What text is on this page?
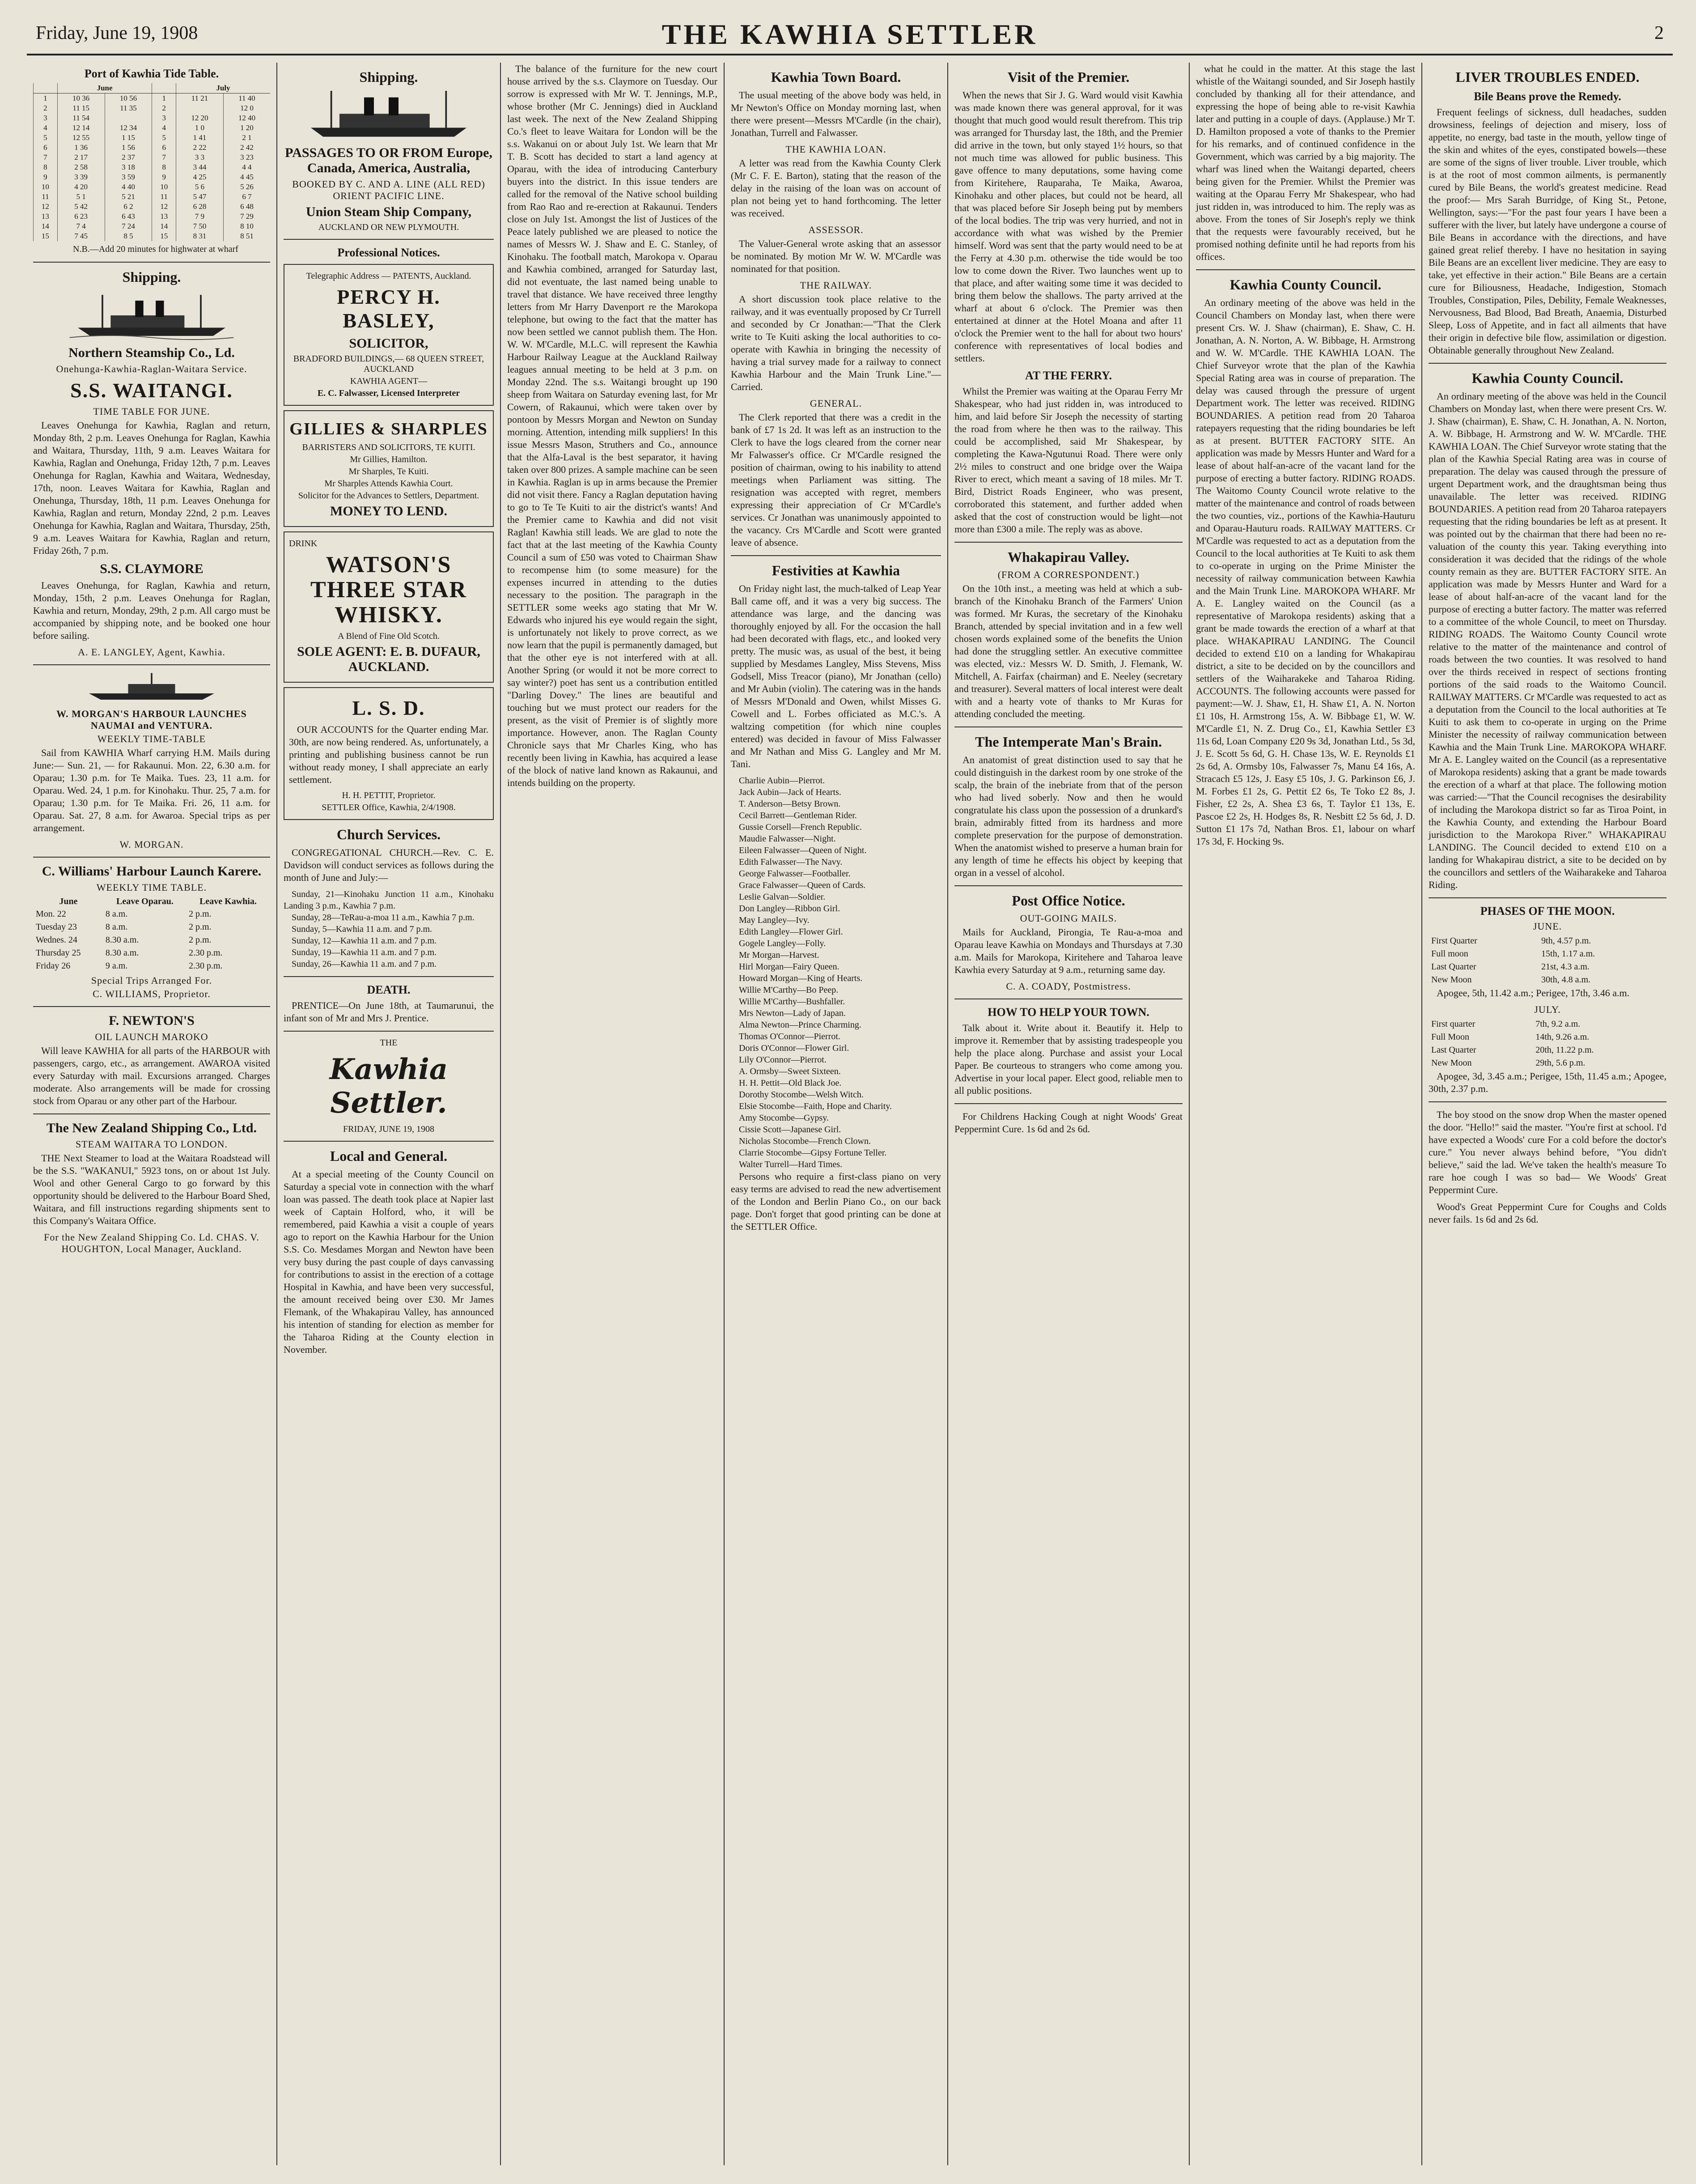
Friday, June 19, 1908	THE KAWHIA SETTLER	2
Port of Kawhia Tide Table.
	June			July	
1	10 36	10 56	1	11 21	11 40
2	11 15	11 35	2		12 0
3	11 54		3	12 20	12 40
4	12 14	12 34	4	1 0	1 20
5	12 55	1 15	5	1 41	2 1
6	1 36	1 56	6	2 22	2 42
7	2 17	2 37	7	3 3	3 23
8	2 58	3 18	8	3 44	4 4
9	3 39	3 59	9	4 25	4 45
10	4 20	4 40	10	5 6	5 26
11	5 1	5 21	11	5 47	6 7
12	5 42	6 2	12	6 28	6 48
13	6 23	6 43	13	7 9	7 29
14	7 4	7 24	14	7 50	8 10
15	7 45	8 5	15	8 31	8 51

N.B.—Add 20 minutes for highwater at wharf

Shipping.
Northern Steamship Co., Ld.
Onehunga-Kawhia-Raglan-Waitara Service.
S.S. WAITANGI.
TIME TABLE FOR JUNE.

Leaves Onehunga for Kawhia, Raglan and return, Monday 8th, 2 p.m. Leaves Onehunga for Raglan, Kawhia and Waitara, Thursday, 11th, 9 a.m. Leaves Waitara for Kawhia, Raglan and Onehunga, Friday 12th, 7 p.m. Leaves Onehunga for Raglan, Kawhia and Waitara, Wednesday, 17th, noon. Leaves Waitara for Kawhia, Raglan and Onehunga, Thursday, 18th, 11 p.m. Leaves Onehunga for Kawhia, Raglan and return, Monday 22nd, 2 p.m. Leaves Onehunga for Kawhia, Raglan and Waitara, Thursday, 25th, 9 a.m. Leaves Waitara for Kawhia, Raglan and return, Friday 26th, 7 p.m.

S.S. CLAYMORE

Leaves Onehunga, for Raglan, Kawhia and return, Monday, 15th, 2 p.m. Leaves Onehunga for Raglan, Kawhia and return, Monday, 29th, 2 p.m. All cargo must be accompanied by shipping note, and be booked one hour before sailing.

A. E. LANGLEY, Agent, Kawhia.
W. MORGAN'S HARBOUR LAUNCHES NAUMAI and VENTURA.
WEEKLY TIME-TABLE

Sail from KAWHIA Wharf carrying H.M. Mails during June:— Sun. 21, — for Rakaunui. Mon. 22, 6.30 a.m. for Oparau; 1.30 p.m. for Te Maika. Tues. 23, 11 a.m. for Oparau. Wed. 24, 1 p.m. for Kinohaku. Thur. 25, 7 a.m. for Oparau; 1.30 p.m. for Te Maika. Fri. 26, 11 a.m. for Oparau. Sat. 27, 8 a.m. for Awaroa. Special trips as per arrangement.

W. MORGAN.
C. Williams' Harbour Launch Karere.
WEEKLY TIME TABLE.
June	Leave Oparau.	Leave Kawhia.
Mon. 22	8 a.m.	2 p.m.
Tuesday 23	8 a.m.	2 p.m.
Wednes. 24	8.30 a.m.	2 p.m.
Thursday 25	8.30 a.m.	2.30 p.m.
Friday 26	9 a.m.	2.30 p.m.
Special Trips Arranged For.
C. WILLIAMS, Proprietor.
F. NEWTON'S
OIL LAUNCH MAROKO

Will leave KAWHIA for all parts of the HARBOUR with passengers, cargo, etc., as arrangement. AWAROA visited every Saturday with mail. Excursions arranged. Charges moderate. Also arrangements will be made for crossing stock from Oparau or any other part of the Harbour.

The New Zealand Shipping Co., Ltd.
STEAM WAITARA TO LONDON.

THE Next Steamer to load at the Waitara Roadstead will be the S.S. "WAKANUI," 5923 tons, on or about 1st July. Wool and other General Cargo to go forward by this opportunity should be delivered to the Harbour Board Shed, Waitara, and fill instructions regarding shipments sent to this Company's Waitara Office.

For the New Zealand Shipping Co. Ld. CHAS. V. HOUGHTON, Local Manager, Auckland.
Shipping.
PASSAGES TO OR FROM Europe, Canada, America, Australia,
BOOKED BY C. AND A. LINE (ALL RED) ORIENT PACIFIC LINE.
Union Steam Ship Company,
AUCKLAND OR NEW PLYMOUTH.
Professional Notices.
Telegraphic Address — PATENTS, Auckland.
PERCY H. BASLEY,
SOLICITOR,
BRADFORD BUILDINGS,— 68 QUEEN STREET, AUCKLAND
KAWHIA AGENT—
E. C. Falwasser, Licensed Interpreter
GILLIES & SHARPLES
BARRISTERS AND SOLICITORS, TE KUITI.
Mr Gillies, Hamilton.
Mr Sharples, Te Kuiti.
Mr Sharples Attends Kawhia Court.
Solicitor for the Advances to Settlers, Department.
MONEY TO LEND.
DRINK
WATSON'S THREE STAR WHISKY.
A Blend of Fine Old Scotch.
SOLE AGENT: E. B. DUFAUR, AUCKLAND.
L. S. D.

OUR ACCOUNTS for the Quarter ending Mar. 30th, are now being rendered. As, unfortunately, a printing and publishing business cannot be run without ready money, I shall appreciate an early settlement.

H. H. PETTIT, Proprietor.
SETTLER Office, Kawhia, 2/4/1908.
Church Services.

CONGREGATIONAL CHURCH.—Rev. C. E. Davidson will conduct services as follows during the month of June and July:—

Sunday, 21—Kinohaku Junction 11 a.m., Kinohaku Landing 3 p.m., Kawhia 7 p.m.

Sunday, 28—TeRau-a-moa 11 a.m., Kawhia 7 p.m.

Sunday, 5—Kawhia 11 a.m. and 7 p.m.

Sunday, 12—Kawhia 11 a.m. and 7 p.m.

Sunday, 19—Kawhia 11 a.m. and 7 p.m.

Sunday, 26—Kawhia 11 a.m. and 7 p.m.

DEATH.

PRENTICE—On June 18th, at Taumarunui, the infant son of Mr and Mrs J. Prentice.

THE
Kawhia Settler.
FRIDAY, JUNE 19, 1908
Local and General.

At a special meeting of the County Council on Saturday a special vote in connection with the wharf loan was passed. The death took place at Napier last week of Captain Holford, who, it will be remembered, paid Kawhia a visit a couple of years ago to report on the Kawhia Harbour for the Union S.S. Co. Mesdames Morgan and Newton have been very busy during the past couple of days canvassing for contributions to assist in the erection of a cottage Hospital in Kawhia, and have been very successful, the amount received being over £30. Mr James Flemank, of the Whakapirau Valley, has announced his intention of standing for election as member for the Taharoa Riding at the County election in November.

The balance of the furniture for the new court house arrived by the s.s. Claymore on Tuesday. Our sorrow is expressed with Mr W. T. Jennings, M.P., whose brother (Mr C. Jennings) died in Auckland last week. The next of the New Zealand Shipping Co.'s fleet to leave Waitara for London will be the s.s. Wakanui on or about July 1st. We learn that Mr T. B. Scott has decided to start a land agency at Oparau, with the idea of introducing Canterbury buyers into the district. In this issue tenders are called for the removal of the Native school building from Rao Rao and re-erection at Rakaunui. Tenders close on July 1st. Amongst the list of Justices of the Peace lately published we are pleased to notice the names of Messrs W. J. Shaw and E. C. Stanley, of Kinohaku. The football match, Marokopa v. Oparau and Kawhia combined, arranged for Saturday last, did not eventuate, the last named being unable to travel that distance. We have received three lengthy letters from Mr Harry Davenport re the Marokopa telephone, but owing to the fact that the matter has now been settled we cannot publish them. The Hon. W. W. M'Cardle, M.L.C. will represent the Kawhia Harbour Railway League at the Auckland Railway leagues annual meeting to be held at 3 p.m. on Monday 22nd. The s.s. Waitangi brought up 190 sheep from Waitara on Saturday evening last, for Mr Cowern, of Rakaunui, which were taken over by pontoon by Messrs Morgan and Newton on Sunday morning. Attention, intending milk suppliers! In this issue Messrs Mason, Struthers and Co., announce that the Alfa-Laval is the best separator, it having taken over 800 prizes. A sample machine can be seen in Kawhia. Raglan is up in arms because the Premier did not visit there. Fancy a Raglan deputation having to go to Te Te Kuiti to air the district's wants! And the Premier came to Kawhia and did not visit Raglan! Kawhia still leads. We are glad to note the fact that at the last meeting of the Kawhia County Council a sum of £50 was voted to Chairman Shaw to recompense him (to some measure) for the expenses incurred in attending to the duties necessary to the position. The paragraph in the SETTLER some weeks ago stating that Mr W. Edwards who injured his eye would regain the sight, is unfortunately not likely to prove correct, as we now learn that the pupil is permanently damaged, but that the other eye is not interfered with at all. Another Spring (or would it not be more correct to say winter?) poet has sent us a contribution entitled "Darling Dovey." The lines are beautiful and touching but we must protect our readers for the present, as the visit of Premier is of slightly more importance. However, anon. The Raglan County Chronicle says that Mr Charles King, who has recently been living in Kawhia, has acquired a lease of the block of native land known as Rakaunui, and intends building on the property.

Kawhia Town Board.

The usual meeting of the above body was held, in Mr Newton's Office on Monday morning last, when there were present—Messrs M'Cardle (in the chair), Jonathan, Turrell and Falwasser.

THE KAWHIA LOAN.

A letter was read from the Kawhia County Clerk (Mr C. F. E. Barton), stating that the reason of the delay in the raising of the loan was on account of plan not being yet to hand forthcoming. The letter was received.

ASSESSOR.

The Valuer-General wrote asking that an assessor be nominated. By motion Mr W. W. M'Cardle was nominated for that position.

THE RAILWAY.

A short discussion took place relative to the railway, and it was eventually proposed by Cr Turrell and seconded by Cr Jonathan:—"That the Clerk write to Te Kuiti asking the local authorities to co-operate with Kawhia in bringing the necessity of having a trial survey made for a railway to connect Kawhia Harbour and the Main Trunk Line."—Carried.

GENERAL.

The Clerk reported that there was a credit in the bank of £7 1s 2d. It was left as an instruction to the Clerk to have the logs cleared from the corner near Mr Falwasser's office. Cr M'Cardle resigned the position of chairman, owing to his inability to attend meetings when Parliament was sitting. The resignation was accepted with regret, members expressing their appreciation of Cr M'Cardle's services. Cr Jonathan was unanimously appointed to the vacancy. Crs M'Cardle and Scott were granted leave of absence.

Festivities at Kawhia

On Friday night last, the much-talked of Leap Year Ball came off, and it was a very big success. The attendance was large, and the dancing was thoroughly enjoyed by all. For the occasion the hall had been decorated with flags, etc., and looked very pretty. The music was, as usual of the best, it being supplied by Mesdames Langley, Miss Stevens, Miss Godsell, Miss Treacor (piano), Mr Jonathan (cello) and Mr Aubin (violin). The catering was in the hands of Messrs M'Donald and Owen, whilst Misses G. Cowell and L. Forbes officiated as M.C.'s. A waltzing competition (for which nine couples entered) was decided in favour of Miss Falwasser and Mr Nathan and Miss G. Langley and Mr M. Tani.

Charlie Aubin—Pierrot.

Jack Aubin—Jack of Hearts.

T. Anderson—Betsy Brown.

Cecil Barrett—Gentleman Rider.

Gussie Corsell—French Republic.

Maudie Falwasser—Night.

Eileen Falwasser—Queen of Night.

Edith Falwasser—The Navy.

George Falwasser—Footballer.

Grace Falwasser—Queen of Cards.

Leslie Galvan—Soldier.

Don Langley—Ribbon Girl.

May Langley—Ivy.

Edith Langley—Flower Girl.

Gogele Langley—Folly.

Mr Morgan—Harvest.

Hirl Morgan—Fairy Queen.

Howard Morgan—King of Hearts.

Willie M'Carthy—Bo Peep.

Willie M'Carthy—Bushfaller.

Mrs Newton—Lady of Japan.

Alma Newton—Prince Charming.

Thomas O'Connor—Pierrot.

Doris O'Connor—Flower Girl.

Lily O'Connor—Pierrot.

A. Ormsby—Sweet Sixteen.

H. H. Pettit—Old Black Joe.

Dorothy Stocombe—Welsh Witch.

Elsie Stocombe—Faith, Hope and Charity.

Amy Stocombe—Gypsy.

Cissie Scott—Japanese Girl.

Nicholas Stocombe—French Clown.

Clarrie Stocombe—Gipsy Fortune Teller.

Walter Turrell—Hard Times.

Persons who require a first-class piano on very easy terms are advised to read the new advertisement of the London and Berlin Piano Co., on our back page. Don't forget that good printing can be done at the SETTLER Office.

Visit of the Premier.

When the news that Sir J. G. Ward would visit Kawhia was made known there was general approval, for it was thought that much good would result therefrom. This trip was arranged for Thursday last, the 18th, and the Premier did arrive in the town, but only stayed 1½ hours, so that not much time was allowed for public business. This gave offence to many deputations, some having come from Kiritehere, Rauparaha, Te Maika, Awaroa, Kinohaku and other places, but could not be heard, all that was placed before Sir Joseph being put by members of the local bodies. The trip was very hurried, and not in accordance with what was wished by the Premier himself. Word was sent that the party would need to be at the Ferry at 4.30 p.m. otherwise the tide would be too low to come down the River. Two launches went up to that place, and after waiting some time it was decided to bring them below the shallows. The party arrived at the wharf at about 6 o'clock. The Premier was then entertained at dinner at the Hotel Moana and after 11 o'clock the Premier went to the hall for about two hours' conference with representatives of local bodies and settlers.

AT THE FERRY.

Whilst the Premier was waiting at the Oparau Ferry Mr Shakespear, who had just ridden in, was introduced to him, and laid before Sir Joseph the necessity of starting the road from where he then was to the railway. This could be accomplished, said Mr Shakespear, by completing the Kawa-Ngutunui Road. There were only 2½ miles to construct and one bridge over the Waipa River to erect, which meant a saving of 18 miles. Mr T. Bird, District Roads Engineer, who was present, corroborated this statement, and further added when asked that the cost of construction would be light—not more than £300 a mile. The reply was as above.

Whakapirau Valley.
(FROM A CORRESPONDENT.)

On the 10th inst., a meeting was held at which a sub-branch of the Kinohaku Branch of the Farmers' Union was formed. Mr Kuras, the secretary of the Kinohaku Branch, attended by special invitation and in a few well chosen words explained some of the benefits the Union had done the struggling settler. An executive committee was elected, viz.: Messrs W. D. Smith, J. Flemank, W. Mitchell, A. Fairfax (chairman) and E. Neeley (secretary and treasurer). Several matters of local interest were dealt with and a hearty vote of thanks to Mr Kuras for attending concluded the meeting.

The Intemperate Man's Brain.

An anatomist of great distinction used to say that he could distinguish in the darkest room by one stroke of the scalp, the brain of the inebriate from that of the person who had lived soberly. Now and then he would congratulate his class upon the possession of a drunkard's brain, admirably fitted from its hardness and more complete preservation for the purpose of demonstration. When the anatomist wished to preserve a human brain for any length of time he effects his object by keeping that organ in a vessel of alcohol.

Post Office Notice.
OUT-GOING MAILS.

Mails for Auckland, Pirongia, Te Rau-a-moa and Oparau leave Kawhia on Mondays and Thursdays at 7.30 a.m. Mails for Marokopa, Kiritehere and Taharoa leave Kawhia every Saturday at 9 a.m., returning same day.

C. A. COADY, Postmistress.
HOW TO HELP YOUR TOWN.

Talk about it. Write about it. Beautify it. Help to improve it. Remember that by assisting tradespeople you help the place along. Purchase and assist your Local Paper. Be courteous to strangers who come among you. Advertise in your local paper. Elect good, reliable men to all public positions.

For Childrens Hacking Cough at night Woods' Great Peppermint Cure. 1s 6d and 2s 6d.

what he could in the matter. At this stage the last whistle of the Waitangi sounded, and Sir Joseph hastily concluded by thanking all for their attendance, and expressing the hope of being able to re-visit Kawhia later and putting in a couple of days. (Applause.) Mr T. D. Hamilton proposed a vote of thanks to the Premier for his remarks, and of continued confidence in the Government, which was carried by a big majority. The wharf was lined when the Waitangi departed, cheers being given for the Premier. Whilst the Premier was waiting at the Oparau Ferry Mr Shakespear, who had just ridden in, was introduced to him. The reply was as above. From the tones of Sir Joseph's reply we think that the requests were favourably received, but he promised nothing definite until he had reports from his offices.

Kawhia County Council.

An ordinary meeting of the above was held in the Council Chambers on Monday last, when there were present Crs. W. J. Shaw (chairman), E. Shaw, C. H. Jonathan, A. N. Norton, A. W. Bibbage, H. Armstrong and W. W. M'Cardle. THE KAWHIA LOAN. The Chief Surveyor wrote that the plan of the Kawhia Special Rating area was in course of preparation. The delay was caused through the pressure of urgent Department work. The letter was received. RIDING BOUNDARIES. A petition read from 20 Taharoa ratepayers requesting that the riding boundaries be left as at present. BUTTER FACTORY SITE. An application was made by Messrs Hunter and Ward for a lease of about half-an-acre of the vacant land for the purpose of erecting a butter factory. RIDING ROADS. The Waitomo County Council wrote relative to the matter of the maintenance and control of roads between the two counties, viz., portions of the Kawhia-Hauturu and Oparau-Hauturu roads. RAILWAY MATTERS. Cr M'Cardle was requested to act as a deputation from the Council to the local authorities at Te Kuiti to ask them to co-operate in urging on the Prime Minister the necessity of railway communication between Kawhia and the Main Trunk Line. MAROKOPA WHARF. Mr A. E. Langley waited on the Council (as a representative of Marokopa residents) asking that a grant be made towards the erection of a wharf at that place. WHAKAPIRAU LANDING. The Council decided to extend £10 on a landing for Whakapirau district, a site to be decided on by the councillors and settlers of the Waiharakeke and Taharoa Riding. ACCOUNTS. The following accounts were passed for payment:—W. J. Shaw, £1, H. Shaw £1, A. N. Norton £1 10s, H. Armstrong 15s, A. W. Bibbage £1, W. W. M'Cardle £1, N. Z. Drug Co., £1, Kawhia Settler £3 11s 6d, Loan Company £20 9s 3d, Jonathan Ltd., 5s 3d, J. E. Scott 5s 6d, G. H. Chase 13s, W. E. Reynolds £1 2s 6d, A. Ormsby 10s, Falwasser 7s, Manu £4 16s, A. Stracach £5 12s, J. Easy £5 10s, J. G. Parkinson £6, J. M. Forbes £1 2s, G. Pettit £2 6s, Te Toko £2 8s, J. Fisher, £2 2s, A. Shea £3 6s, T. Taylor £1 13s, E. Pascoe £2 2s, H. Hodges 8s, R. Nesbitt £2 5s 6d, J. D. Sutton £1 17s 7d, Nathan Bros. £1, labour on wharf 17s 3d, F. Hocking 9s.

LIVER TROUBLES ENDED.
Bile Beans prove the Remedy.

Frequent feelings of sickness, dull headaches, sudden drowsiness, feelings of dejection and misery, loss of appetite, no energy, bad taste in the mouth, yellow tinge of the skin and whites of the eyes, constipated bowels—these are some of the signs of liver trouble. Liver trouble, which is at the root of most common ailments, is permanently cured by Bile Beans, the world's greatest medicine. Read the proof:— Mrs Sarah Burridge, of King St., Petone, Wellington, says:—"For the past four years I have been a sufferer with the liver, but lately have undergone a course of Bile Beans in accordance with the directions, and have gained great relief thereby. I have no hesitation in saying Bile Beans are an excellent liver medicine. They are easy to take, yet effective in their action." Bile Beans are a certain cure for Biliousness, Headache, Indigestion, Stomach Troubles, Constipation, Piles, Debility, Female Weaknesses, Nervousness, Bad Blood, Bad Breath, Anaemia, Disturbed Sleep, Loss of Appetite, and in fact all ailments that have their origin in defective bile flow, assimilation or digestion. Obtainable generally throughout New Zealand.

Kawhia County Council.

An ordinary meeting of the above was held in the Council Chambers on Monday last, when there were present Crs. W. J. Shaw (chairman), E. Shaw, C. H. Jonathan, A. N. Norton, A. W. Bibbage, H. Armstrong and W. W. M'Cardle. THE KAWHIA LOAN. The Chief Surveyor wrote stating that the plan of the Kawhia Special Rating area was in course of preparation. The delay was caused through the pressure of urgent Department work, and the draughtsman being thus unavailable. The letter was received. RIDING BOUNDARIES. A petition read from 20 Taharoa ratepayers requesting that the riding boundaries be left as at present. It was pointed out by the chairman that there had been no re-valuation of the county this year. Taking everything into consideration it was decided that the ridings of the whole county remain as they are. BUTTER FACTORY SITE. An application was made by Messrs Hunter and Ward for a lease of about half-an-acre of the vacant land for the purpose of erecting a butter factory. The matter was referred to a committee of the whole Council, to meet on Thursday. RIDING ROADS. The Waitomo County Council wrote relative to the matter of the maintenance and control of roads between the two counties. It was resolved to hand over the thirds received in respect of sections fronting portions of the said roads to the Waitomo Council. RAILWAY MATTERS. Cr M'Cardle was requested to act as a deputation from the Council to the local authorities at Te Kuiti to ask them to co-operate in urging on the Prime Minister the necessity of railway communication between Kawhia and the Main Trunk Line. MAROKOPA WHARF. Mr A. E. Langley waited on the Council (as a representative of Marokopa residents) asking that a grant be made towards the erection of a wharf at that place. The following motion was carried:—"That the Council recognises the desirability of including the Marokopa district so far as Tiroa Point, in the Kawhia County, and extending the Harbour Board jurisdiction to the Marokopa River." WHAKAPIRAU LANDING. The Council decided to extend £10 on a landing for Whakapirau district, a site to be decided on by the councillors and settlers of the Waiharakeke and Taharoa Riding.

PHASES OF THE MOON.
JUNE.
First Quarter	9th, 4.57 p.m.
Full moon	15th, 1.17 a.m.
Last Quarter	21st, 4.3 a.m.
New Moon	30th, 4.8 a.m.

Apogee, 5th, 11.42 a.m.; Perigee, 17th, 3.46 a.m.

JULY.
First quarter	7th, 9.2 a.m.
Full Moon	14th, 9.26 a.m.
Last Quarter	20th, 11.22 p.m.
New Moon	29th, 5.6 p.m.

Apogee, 3d, 3.45 a.m.; Perigee, 15th, 11.45 a.m.; Apogee, 30th, 2.37 p.m.

The boy stood on the snow drop When the master opened the door. "Hello!" said the master. "You're first at school. I'd have expected a Woods' cure For a cold before the doctor's cure." You never always behind before, "You didn't believe," said the lad. We've taken the health's measure To rare hoe cough I was so bad— We Woods' Great Peppermint Cure.

Wood's Great Peppermint Cure for Coughs and Colds never fails. 1s 6d and 2s 6d.
